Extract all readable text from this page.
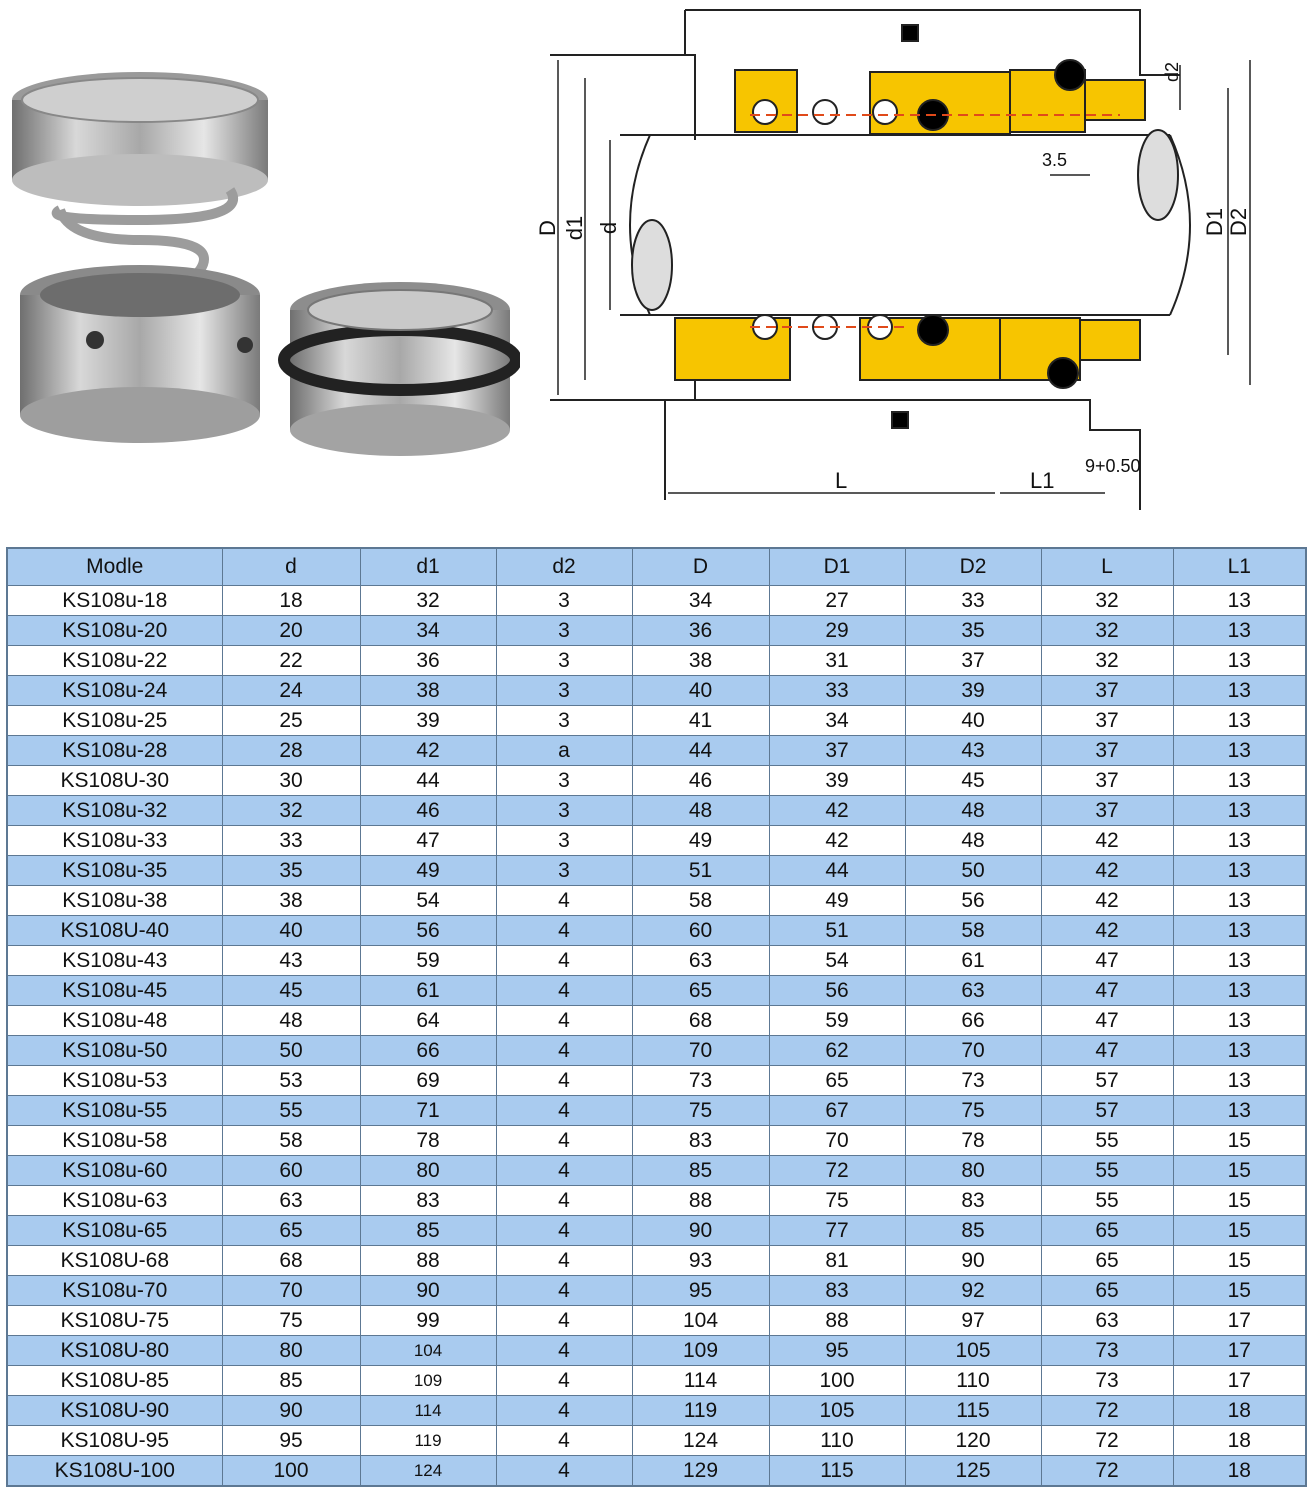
D d1 d
d2
D1 D2
3.5
L	L1
9+0.50
Modle	d	d1	d2	D	D1	D2	L	L1
KS108u-18	18	32	3	34	27	33	32	13
KS108u-20	20	34	3	36	29	35	32	13
KS108u-22	22	36	3	38	31	37	32	13
KS108u-24	24	38	3	40	33	39	37	13
KS108u-25	25	39	3	41	34	40	37	13
KS108u-28	28	42	a	44	37	43	37	13
KS108U-30	30	44	3	46	39	45	37	13
KS108u-32	32	46	3	48	42	48	37	13
KS108u-33	33	47	3	49	42	48	42	13
KS108u-35	35	49	3	51	44	50	42	13
KS108u-38	38	54	4	58	49	56	42	13
KS108U-40	40	56	4	60	51	58	42	13
KS108u-43	43	59	4	63	54	61	47	13
KS108u-45	45	61	4	65	56	63	47	13
KS108u-48	48	64	4	68	59	66	47	13
KS108u-50	50	66	4	70	62	70	47	13
KS108u-53	53	69	4	73	65	73	57	13
KS108u-55	55	71	4	75	67	75	57	13
KS108u-58	58	78	4	83	70	78	55	15
KS108u-60	60	80	4	85	72	80	55	15
KS108u-63	63	83	4	88	75	83	55	15
KS108u-65	65	85	4	90	77	85	65	15
KS108U-68	68	88	4	93	81	90	65	15
KS108u-70	70	90	4	95	83	92	65	15
KS108U-75	75	99	4	104	88	97	63	17
KS108U-80	80	104	4	109	95	105	73	17
KS108U-85	85	109	4	114	100	110	73	17
KS108U-90	90	114	4	119	105	115	72	18
KS108U-95	95	119	4	124	110	120	72	18
KS108U-100	100	124	4	129	115	125	72	18
